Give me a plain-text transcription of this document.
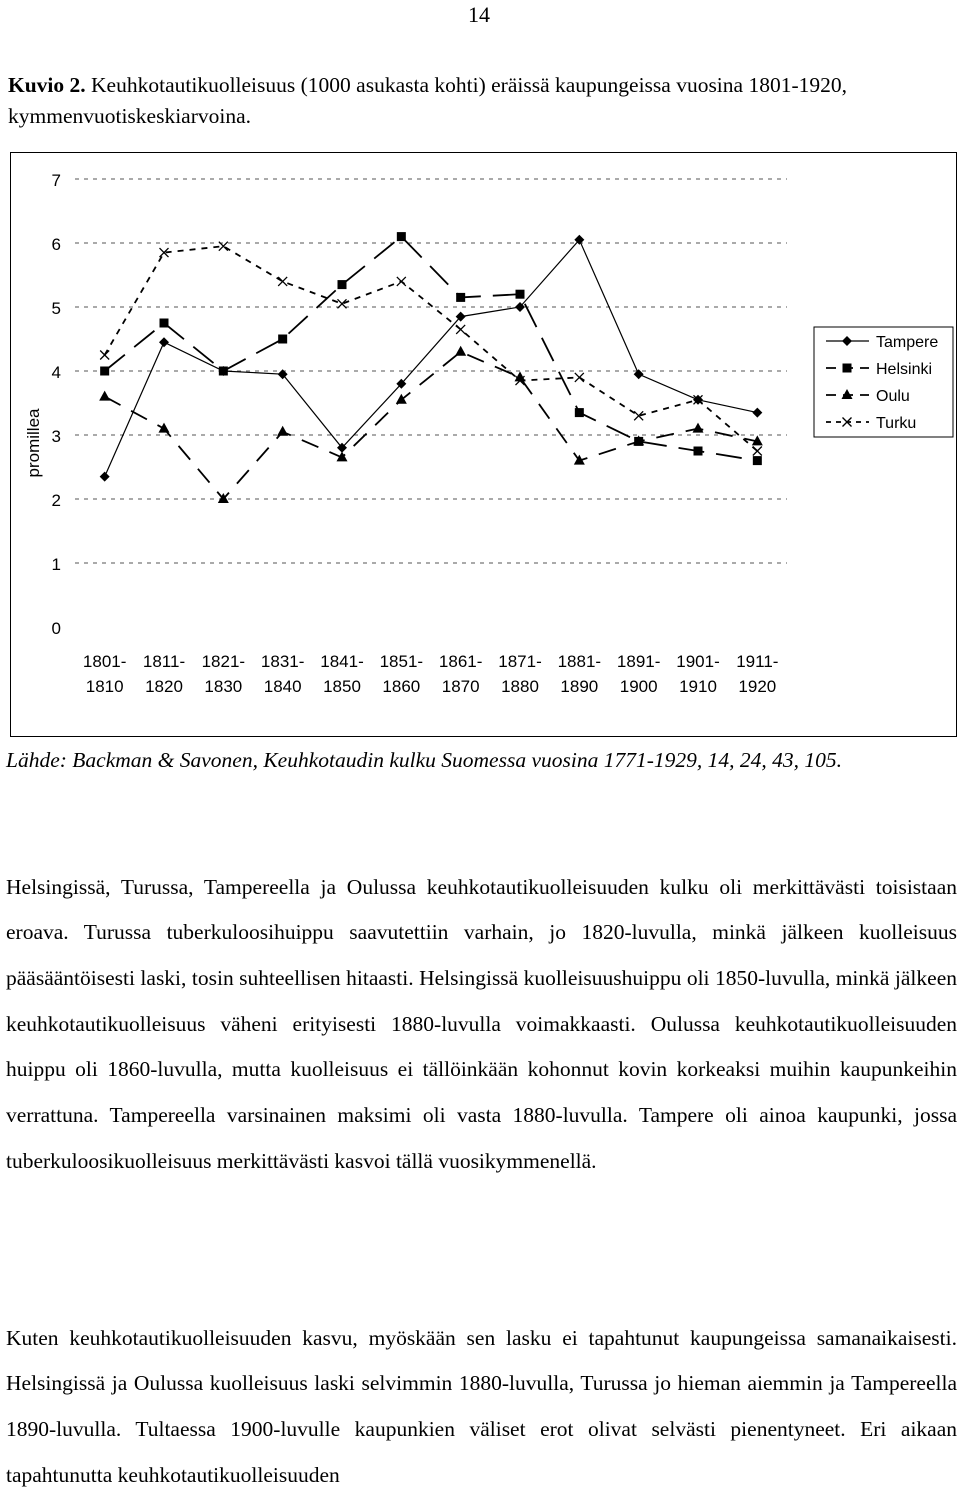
14
Kuvio 2. Keuhkotautikuolleisuus (1000 asukasta kohti) eräissä kaupungeissa vuosina 1801-1920, kymmenvuotiskeskiarvoina.
0
1
2
3
4
5
6
7
promillea
1801-
1810
1811-
1820
1821-
1830
1831-
1840
1841-
1850
1851-
1860
1861-
1870
1871-
1880
1881-
1890
1891-
1900
1901-
1910
1911-
1920
Tampere
Helsinki
Oulu
Turku
Lähde: Backman & Savonen, Keuhkotaudin kulku Suomessa vuosina 1771-1929, 14, 24, 43, 105.

Helsingissä, Turussa, Tampereella ja Oulussa keuhkotautikuolleisuuden kulku oli merkittävästi toisistaan eroava. Turussa tuberkuloosihuippu saavutettiin varhain, jo 1820-luvulla, minkä jälkeen kuolleisuus pääsääntöisesti laski, tosin suhteellisen hitaasti. Helsingissä kuolleisuushuippu oli 1850-luvulla, minkä jälkeen keuhkotautikuolleisuus väheni erityisesti 1880-luvulla voimakkaasti. Oulussa keuhkotautikuolleisuuden huippu oli 1860-luvulla, mutta kuolleisuus ei tällöinkään kohonnut kovin korkeaksi muihin kaupunkeihin verrattuna. Tampereella varsinainen maksimi oli vasta 1880-luvulla. Tampere oli ainoa kaupunki, jossa tuberkuloosikuolleisuus merkittävästi kasvoi tällä vuosikymmenellä.

Kuten keuhkotautikuolleisuuden kasvu, myöskään sen lasku ei tapahtunut kaupungeissa samanaikaisesti. Helsingissä ja Oulussa kuolleisuus laski selvimmin 1880-luvulla, Turussa jo hieman aiemmin ja Tampereella 1890-luvulla. Tultaessa 1900-luvulle kaupunkien väliset erot olivat selvästi pienentyneet. Eri aikaan tapahtunutta keuhkotautikuolleisuuden
